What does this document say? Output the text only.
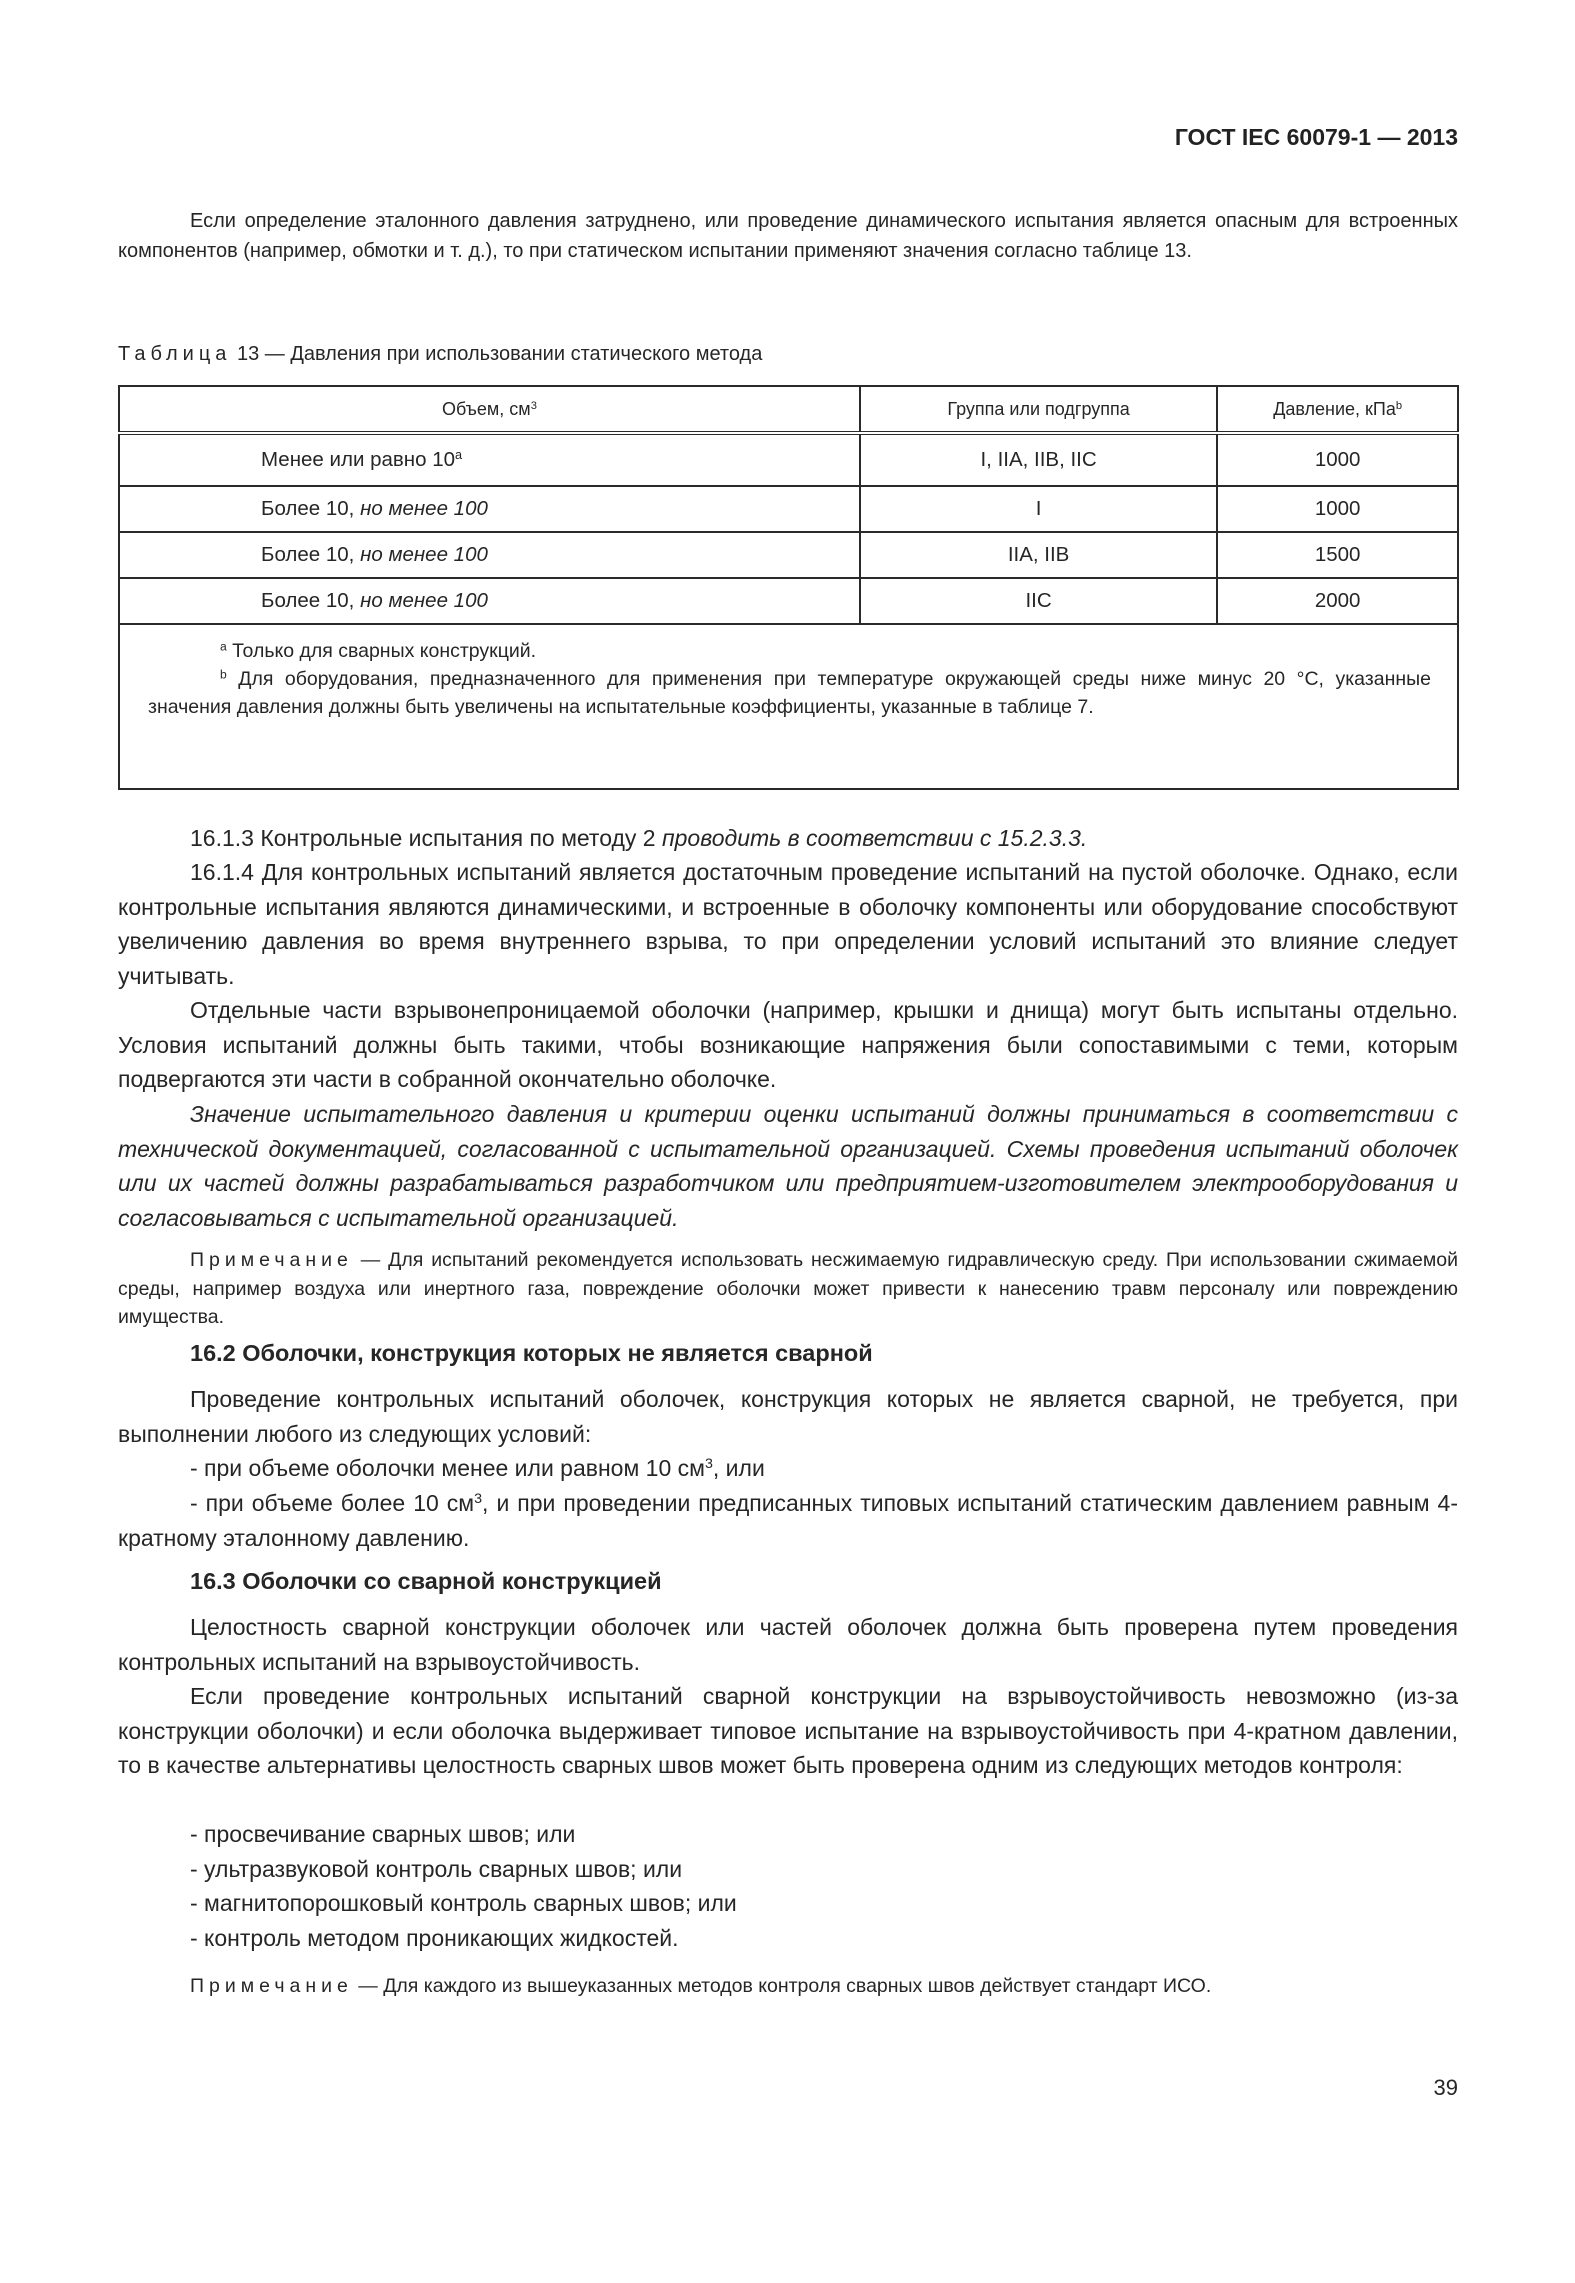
ГОСТ IEC 60079-1 — 2013
Если определение эталонного давления затруднено, или проведение динамического испытания является опасным для встроенных компонентов (например, обмотки и т. д.), то при статическом испытании применяют значения согласно таблице 13.
Таблица 13 — Давления при использовании статического метода
Объем, $см^3$	Группа или подгруппа	Давление, кПа$^b$
Менее или равно 10$^a$	I, IIA, IIB, IIC	1000
Более 10, но менее 100	I	1000
Более 10, но менее 100	IIA, IIB	1500
Более 10, но менее 100	IIC	2000

$^a$ Только для сварных конструкций.
$^b$ Для оборудования, предназначенного для применения при температуре окружающей среды ниже минус 20 °C, указанные значения давления должны быть увеличены на испытательные коэффициенты, указанные в таблице 7.		
16.1.3 Контрольные испытания по методу 2 проводить в соответствии с 15.2.3.3.
16.1.4 Для контрольных испытаний является достаточным проведение испытаний на пустой оболочке. Однако, если контрольные испытания являются динамическими, и встроенные в оболочку компоненты или оборудование способствуют увеличению давления во время внутреннего взрыва, то при определении условий испытаний это влияние следует учитывать.
Отдельные части взрывонепроницаемой оболочки (например, крышки и днища) могут быть испытаны отдельно. Условия испытаний должны быть такими, чтобы возникающие напряжения были сопоставимыми с теми, которым подвергаются эти части в собранной окончательно оболочке.
Значение испытательного давления и критерии оценки испытаний должны приниматься в соответствии с технической документацией, согласованной с испытательной организацией. Схемы проведения испытаний оболочек или их частей должны разрабатываться разработчиком или предприятием-изготовителем электрооборудования и согласовываться с испытательной организацией.
Примечание — Для испытаний рекомендуется использовать несжимаемую гидравлическую среду. При использовании сжимаемой среды, например воздуха или инертного газа, повреждение оболочки может привести к нанесению травм персоналу или повреждению имущества.
16.2 Оболочки, конструкция которых не является сварной
Проведение контрольных испытаний оболочек, конструкция которых не является сварной, не требуется, при выполнении любого из следующих условий:
- при объеме оболочки менее или равном 10 $см^3$, или
- при объеме более 10 $см^3$, и при проведении предписанных типовых испытаний статическим давлением равным 4-кратному эталонному давлению.
16.3 Оболочки со сварной конструкцией
Целостность сварной конструкции оболочек или частей оболочек должна быть проверена путем проведения контрольных испытаний на взрывоустойчивость.
Если проведение контрольных испытаний сварной конструкции на взрывоустойчивость невозможно (из-за конструкции оболочки) и если оболочка выдерживает типовое испытание на взрывоустойчивость при 4-кратном давлении, то в качестве альтернативы целостность сварных швов может быть проверена одним из следующих методов контроля:
- просвечивание сварных швов; или
- ультразвуковой контроль сварных швов; или
- магнитопорошковый контроль сварных швов; или
- контроль методом проникающих жидкостей.
Примечание — Для каждого из вышеуказанных методов контроля сварных швов действует стандарт ИСО.
39
